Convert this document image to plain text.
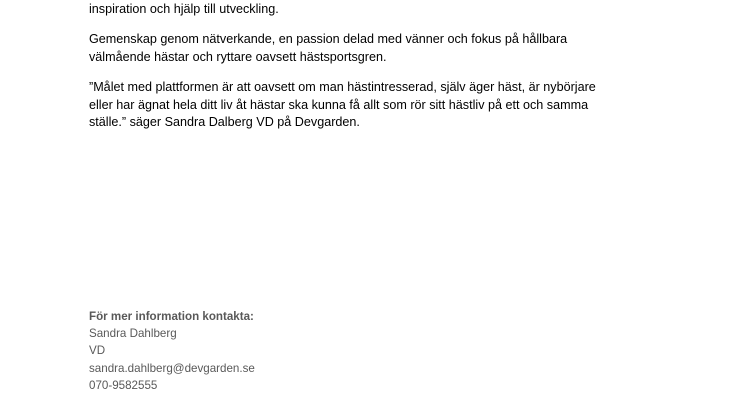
inspiration och hjälp till utveckling.

Gemenskap genom nätverkande, en passion delad med vänner och fokus på hållbara
välmående hästar och ryttare oavsett hästsportsgren.

”Målet med plattformen är att oavsett om man hästintresserad, själv äger häst, är nybörjare
eller har ägnat hela ditt liv åt hästar ska kunna få allt som rör sitt hästliv på ett och samma
ställe.” säger Sandra Dalberg VD på Devgarden.

För mer information kontakta:
Sandra Dahlberg
VD
sandra.dahlberg@devgarden.se
070-9582555
